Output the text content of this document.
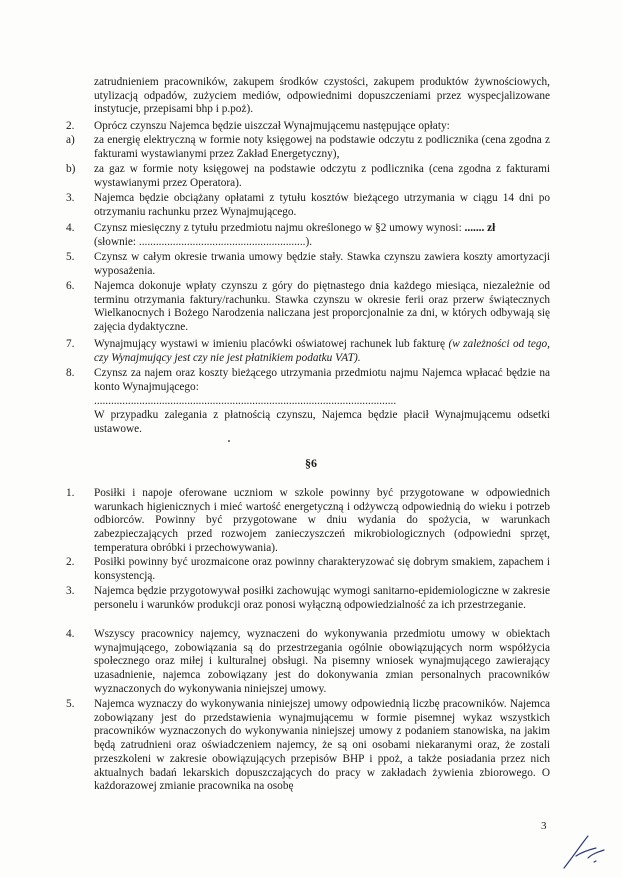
zatrudnieniem pracowników, zakupem środków czystości, zakupem produktów żywnościowych, utylizacją odpadów, zużyciem mediów, odpowiednimi dopuszczeniami przez wyspecjalizowane instytucje, przepisami bhp i p.poż).
2.	Oprócz czynszu Najemca będzie uiszczał Wynajmującemu następujące opłaty:
a)	za energię elektryczną w formie noty księgowej na podstawie odczytu z podlicznika (cena zgodna z fakturami wystawianymi przez Zakład Energetyczny),
b)	za gaz w formie noty księgowej na podstawie odczytu z podlicznika (cena zgodna z fakturami wystawianymi przez Operatora).
3.	Najemca będzie obciążany opłatami z tytułu kosztów bieżącego utrzymania w ciągu 14 dni po otrzymaniu rachunku przez Wynajmującego.
4.	Czynsz miesięczny z tytułu przedmiotu najmu określonego w §2 umowy wynosi: ....... zł
(słownie: ...........................................................).
5.	Czynsz w całym okresie trwania umowy będzie stały. Stawka czynszu zawiera koszty amortyzacji wyposażenia.
6.	Najemca dokonuje wpłaty czynszu z góry do piętnastego dnia każdego miesiąca, niezależnie od terminu otrzymania faktury/rachunku. Stawka czynszu w okresie ferii oraz przerw świątecznych Wielkanocnych i Bożego Narodzenia naliczana jest proporcjonalnie za dni, w których odbywają się zajęcia dydaktyczne.
7.	Wynajmujący wystawi w imieniu placówki oświatowej rachunek lub fakturę (w zależności od tego, czy Wynajmujący jest czy nie jest płatnikiem podatku VAT).
8.	Czynsz za najem oraz koszty bieżącego utrzymania przedmiotu najmu Najemca wpłacać będzie na konto Wynajmującego:
...........................................................................................................
W przypadku zalegania z płatnością czynszu, Najemca będzie płacił Wynajmującemu odsetki ustawowe.
§6
1.	Posiłki i napoje oferowane uczniom w szkole powinny być przygotowane w odpowiednich warunkach higienicznych i mieć wartość energetyczną i odżywczą odpowiednią do wieku i potrzeb odbiorców. Powinny być przygotowane w dniu wydania do spożycia, w warunkach zabezpieczających przed rozwojem zanieczyszczeń mikrobiologicznych (odpowiedni sprzęt, temperatura obróbki i przechowywania).
2.	Posiłki powinny być urozmaicone oraz powinny charakteryzować się dobrym smakiem, zapachem i konsystencją.
3.	Najemca będzie przygotowywał posiłki zachowując wymogi sanitarno-epidemiologiczne w zakresie personelu i warunków produkcji oraz ponosi wyłączną odpowiedzialność za ich przestrzeganie.
4.	Wszyscy pracownicy najemcy, wyznaczeni do wykonywania przedmiotu umowy w obiektach wynajmującego, zobowiązania są do przestrzegania ogólnie obowiązujących norm współżycia społecznego oraz miłej i kulturalnej obsługi. Na pisemny wniosek wynajmującego zawierający uzasadnienie, najemca zobowiązany jest do dokonywania zmian personalnych pracowników wyznaczonych do wykonywania niniejszej umowy.
5.	Najemca wyznaczy do wykonywania niniejszej umowy odpowiednią liczbę pracowników. Najemca zobowiązany jest do przedstawienia wynajmującemu w formie pisemnej wykaz wszystkich pracowników wyznaczonych do wykonywania niniejszej umowy z podaniem stanowiska, na jakim będą zatrudnieni oraz oświadczeniem najemcy, że są oni osobami niekaranymi oraz, że zostali przeszkoleni w zakresie obowiązujących przepisów BHP i ppoż, a także posiadania przez nich aktualnych badań lekarskich dopuszczających do pracy w zakładach żywienia zbiorowego. O każdorazowej zmianie pracownika na osobę
3
